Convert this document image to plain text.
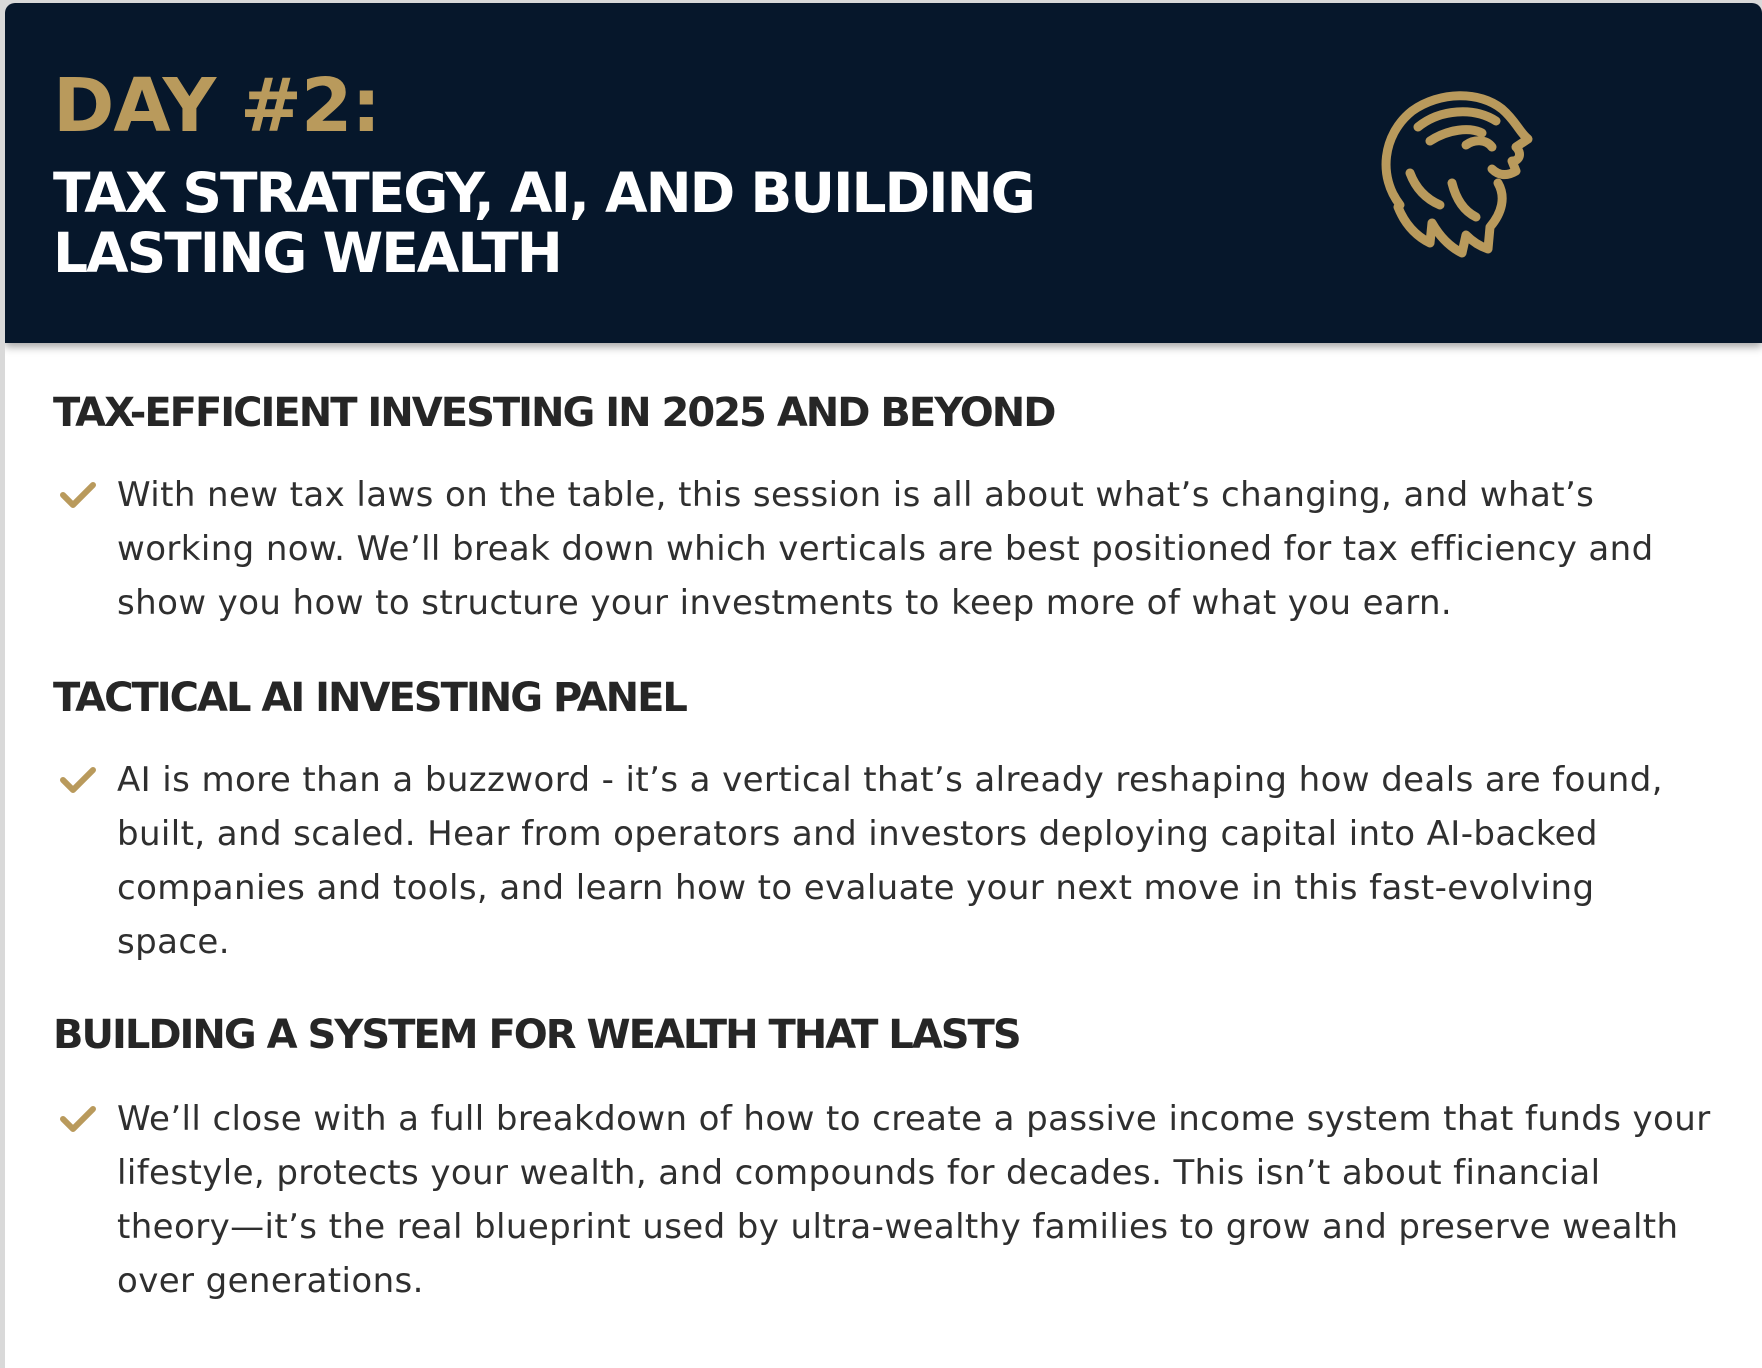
DAY #2:
TAX STRATEGY, AI, AND BUILDING LASTING WEALTH
TAX-EFFICIENT INVESTING IN 2025 AND BEYOND

With new tax laws on the table, this session is all about what’s changing, and what’s working now. We’ll break down which verticals are best positioned for tax efficiency and show you how to structure your investments to keep more of what you earn.

TACTICAL AI INVESTING PANEL

AI is more than a buzzword - it’s a vertical that’s already reshaping how deals are found, built, and scaled. Hear from operators and investors deploying capital into AI-backed companies and tools, and learn how to evaluate your next move in this fast-evolving space.

BUILDING A SYSTEM FOR WEALTH THAT LASTS

We’ll close with a full breakdown of how to create a passive income system that funds your lifestyle, protects your wealth, and compounds for decades. This isn’t about financial theory—it’s the real blueprint used by ultra-wealthy families to grow and preserve wealth over generations.
